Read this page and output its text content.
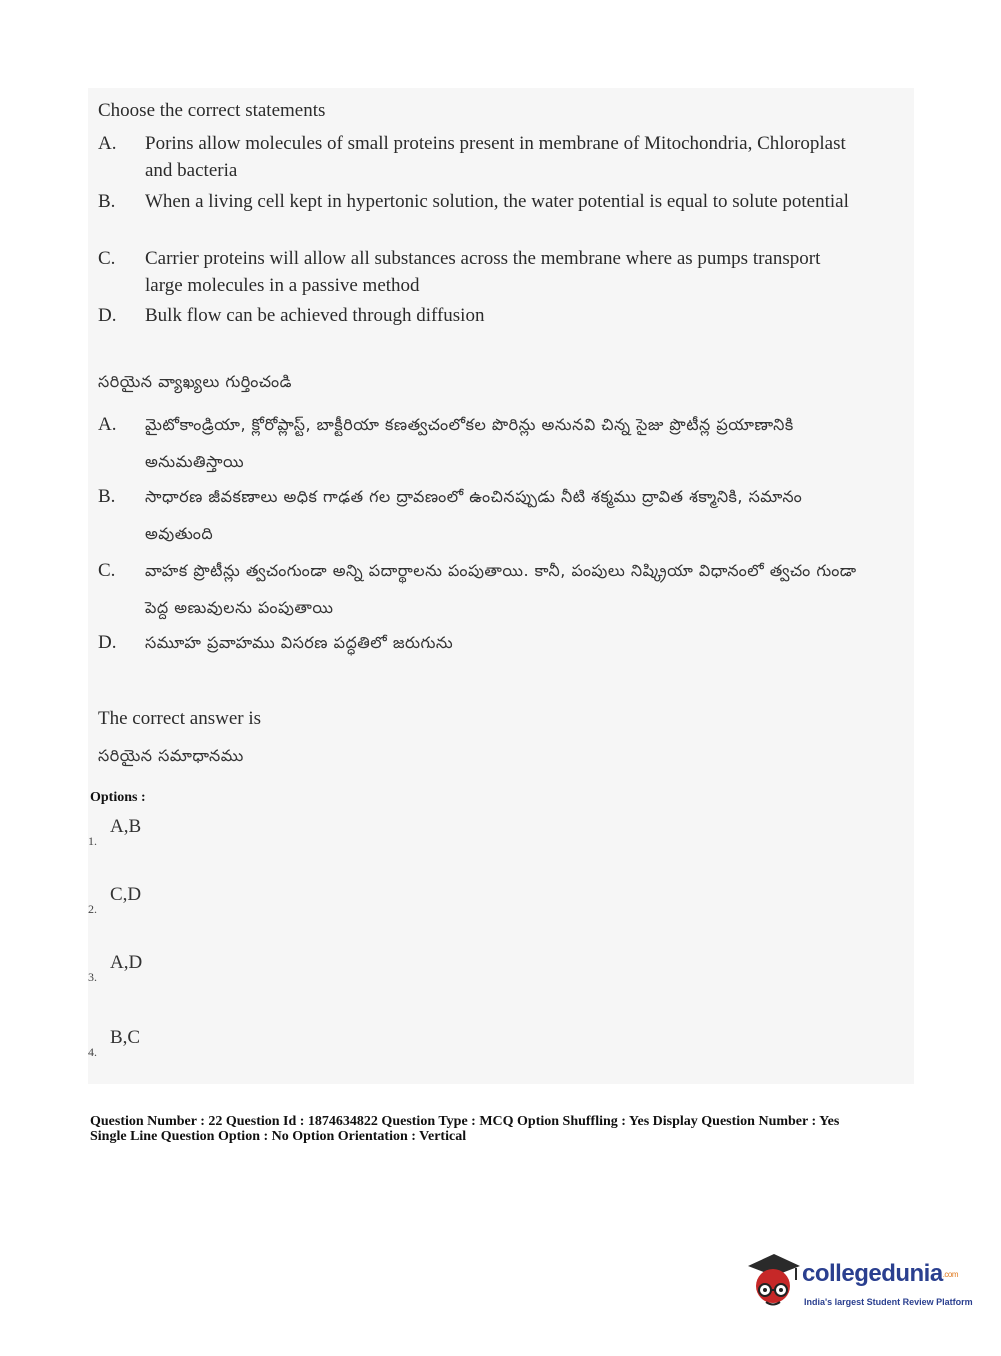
Choose the correct statements
A.	Porins allow molecules of small proteins present in membrane of Mitochondria, Chloroplast and bacteria
B.	When a living cell kept in hypertonic solution, the water potential is equal to solute potential
C.	Carrier proteins will allow all substances across the membrane where as pumps transport large molecules in a passive method
D.	Bulk flow can be achieved through diffusion
సరియైన వ్యాఖ్యలు గుర్తించండి
A.	మైటోకాండ్రియా, క్లోరోప్లాస్ట్, బాక్టీరియా కణత్వచంలోకల పొరిన్లు అనునవి చిన్న సైజు ప్రొటీన్ల ప్రయాణానికి అనుమతిస్తాయి
B.	సాధారణ జీవకణాలు అధిక గాఢత గల ద్రావణంలో ఉంచినప్పుడు నీటి శక్మము ద్రావిత శక్మానికి, సమానం అవుతుంది
C.	వాహక ప్రొటీన్లు త్వచంగుండా అన్ని పదార్థాలను పంపుతాయి. కానీ, పంపులు నిష్క్రియా విధానంలో త్వచం గుండా పెద్ద అణువులను పంపుతాయి
D.	సమూహ ప్రవాహము విసరణ పద్ధతిలో జరుగును
The correct answer is
సరియైన సమాధానము
Options :
1.
A,B
2.
C,D
3.
A,D
4.
B,C
Question Number : 22 Question Id : 1874634822 Question Type : MCQ Option Shuffling : Yes Display Question Number : Yes
Single Line Question Option : No Option Orientation : Vertical
collegedunia.com
India's largest Student Review Platform
